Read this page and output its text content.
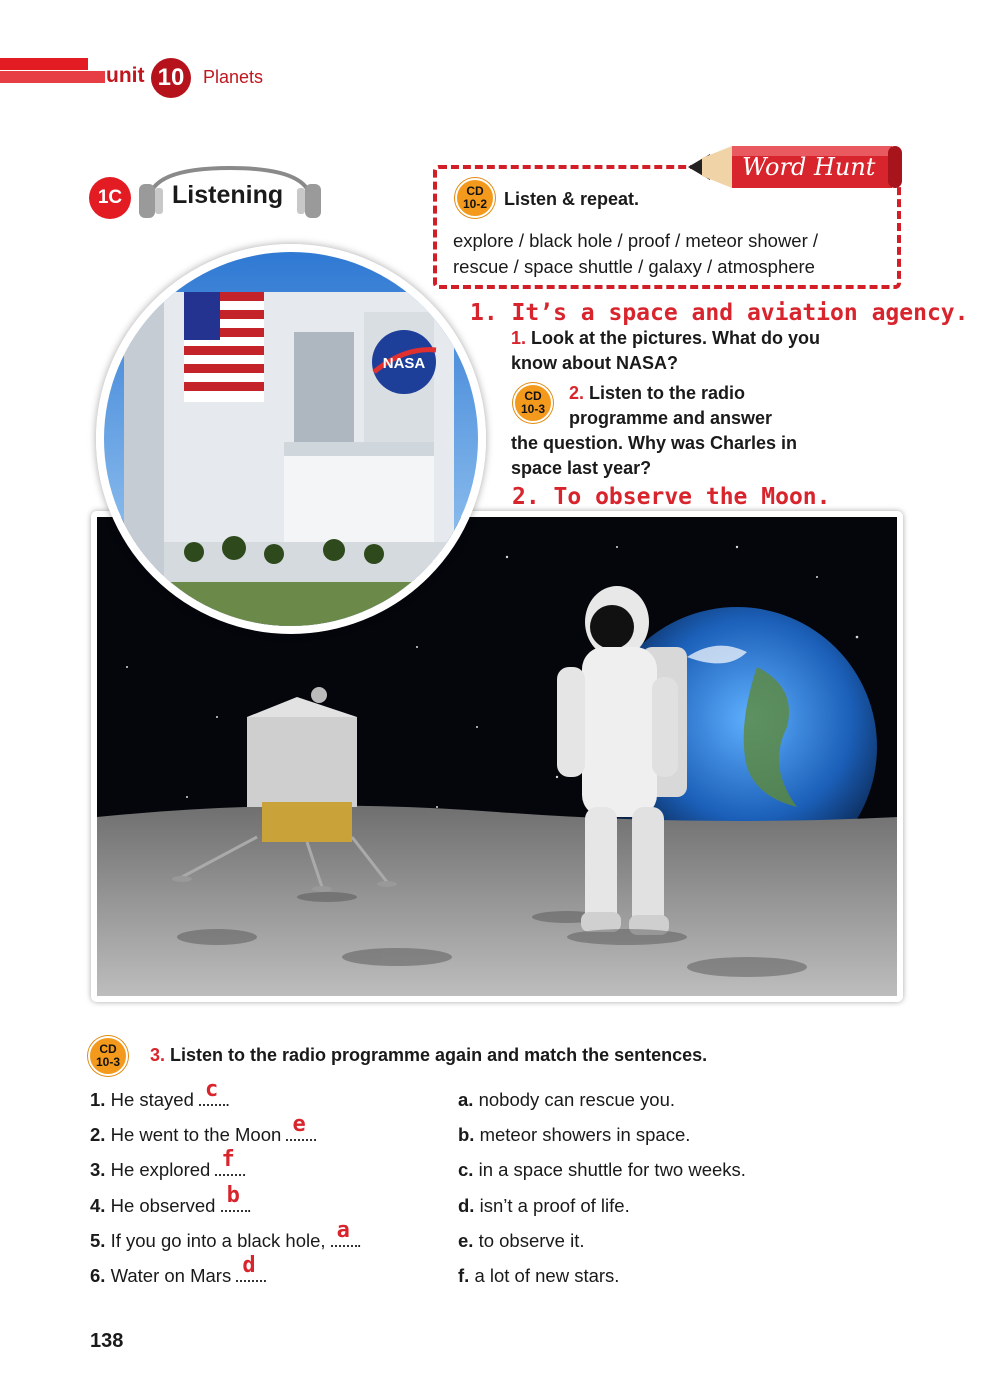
unit 10	Planets
1C	Listening
Word Hunt
CD
10-2 Listen & repeat.
explore / black hole / proof / meteor shower /
rescue / space shuttle / galaxy / atmosphere
1. It’s a space and aviation agency.
1. Look at the pictures. What do you know about NASA?
CD
10-3
2. Listen to the radio
programme and answer
the question. Why was Charles in space last year?
2. To observe the Moon.
NASA
CD
10-3	3. Listen to the radio programme again and match the sentences.
1. He stayed c .
2. He went to the Moon e .
3. He explored f .
4. He observed b .
5. If you go into a black hole, a .
6. Water on Mars d .
a. nobody can rescue you.
b. meteor showers in space.
c. in a space shuttle for two weeks.
d. isn’t a proof of life.
e. to observe it.
f. a lot of new stars.
138
